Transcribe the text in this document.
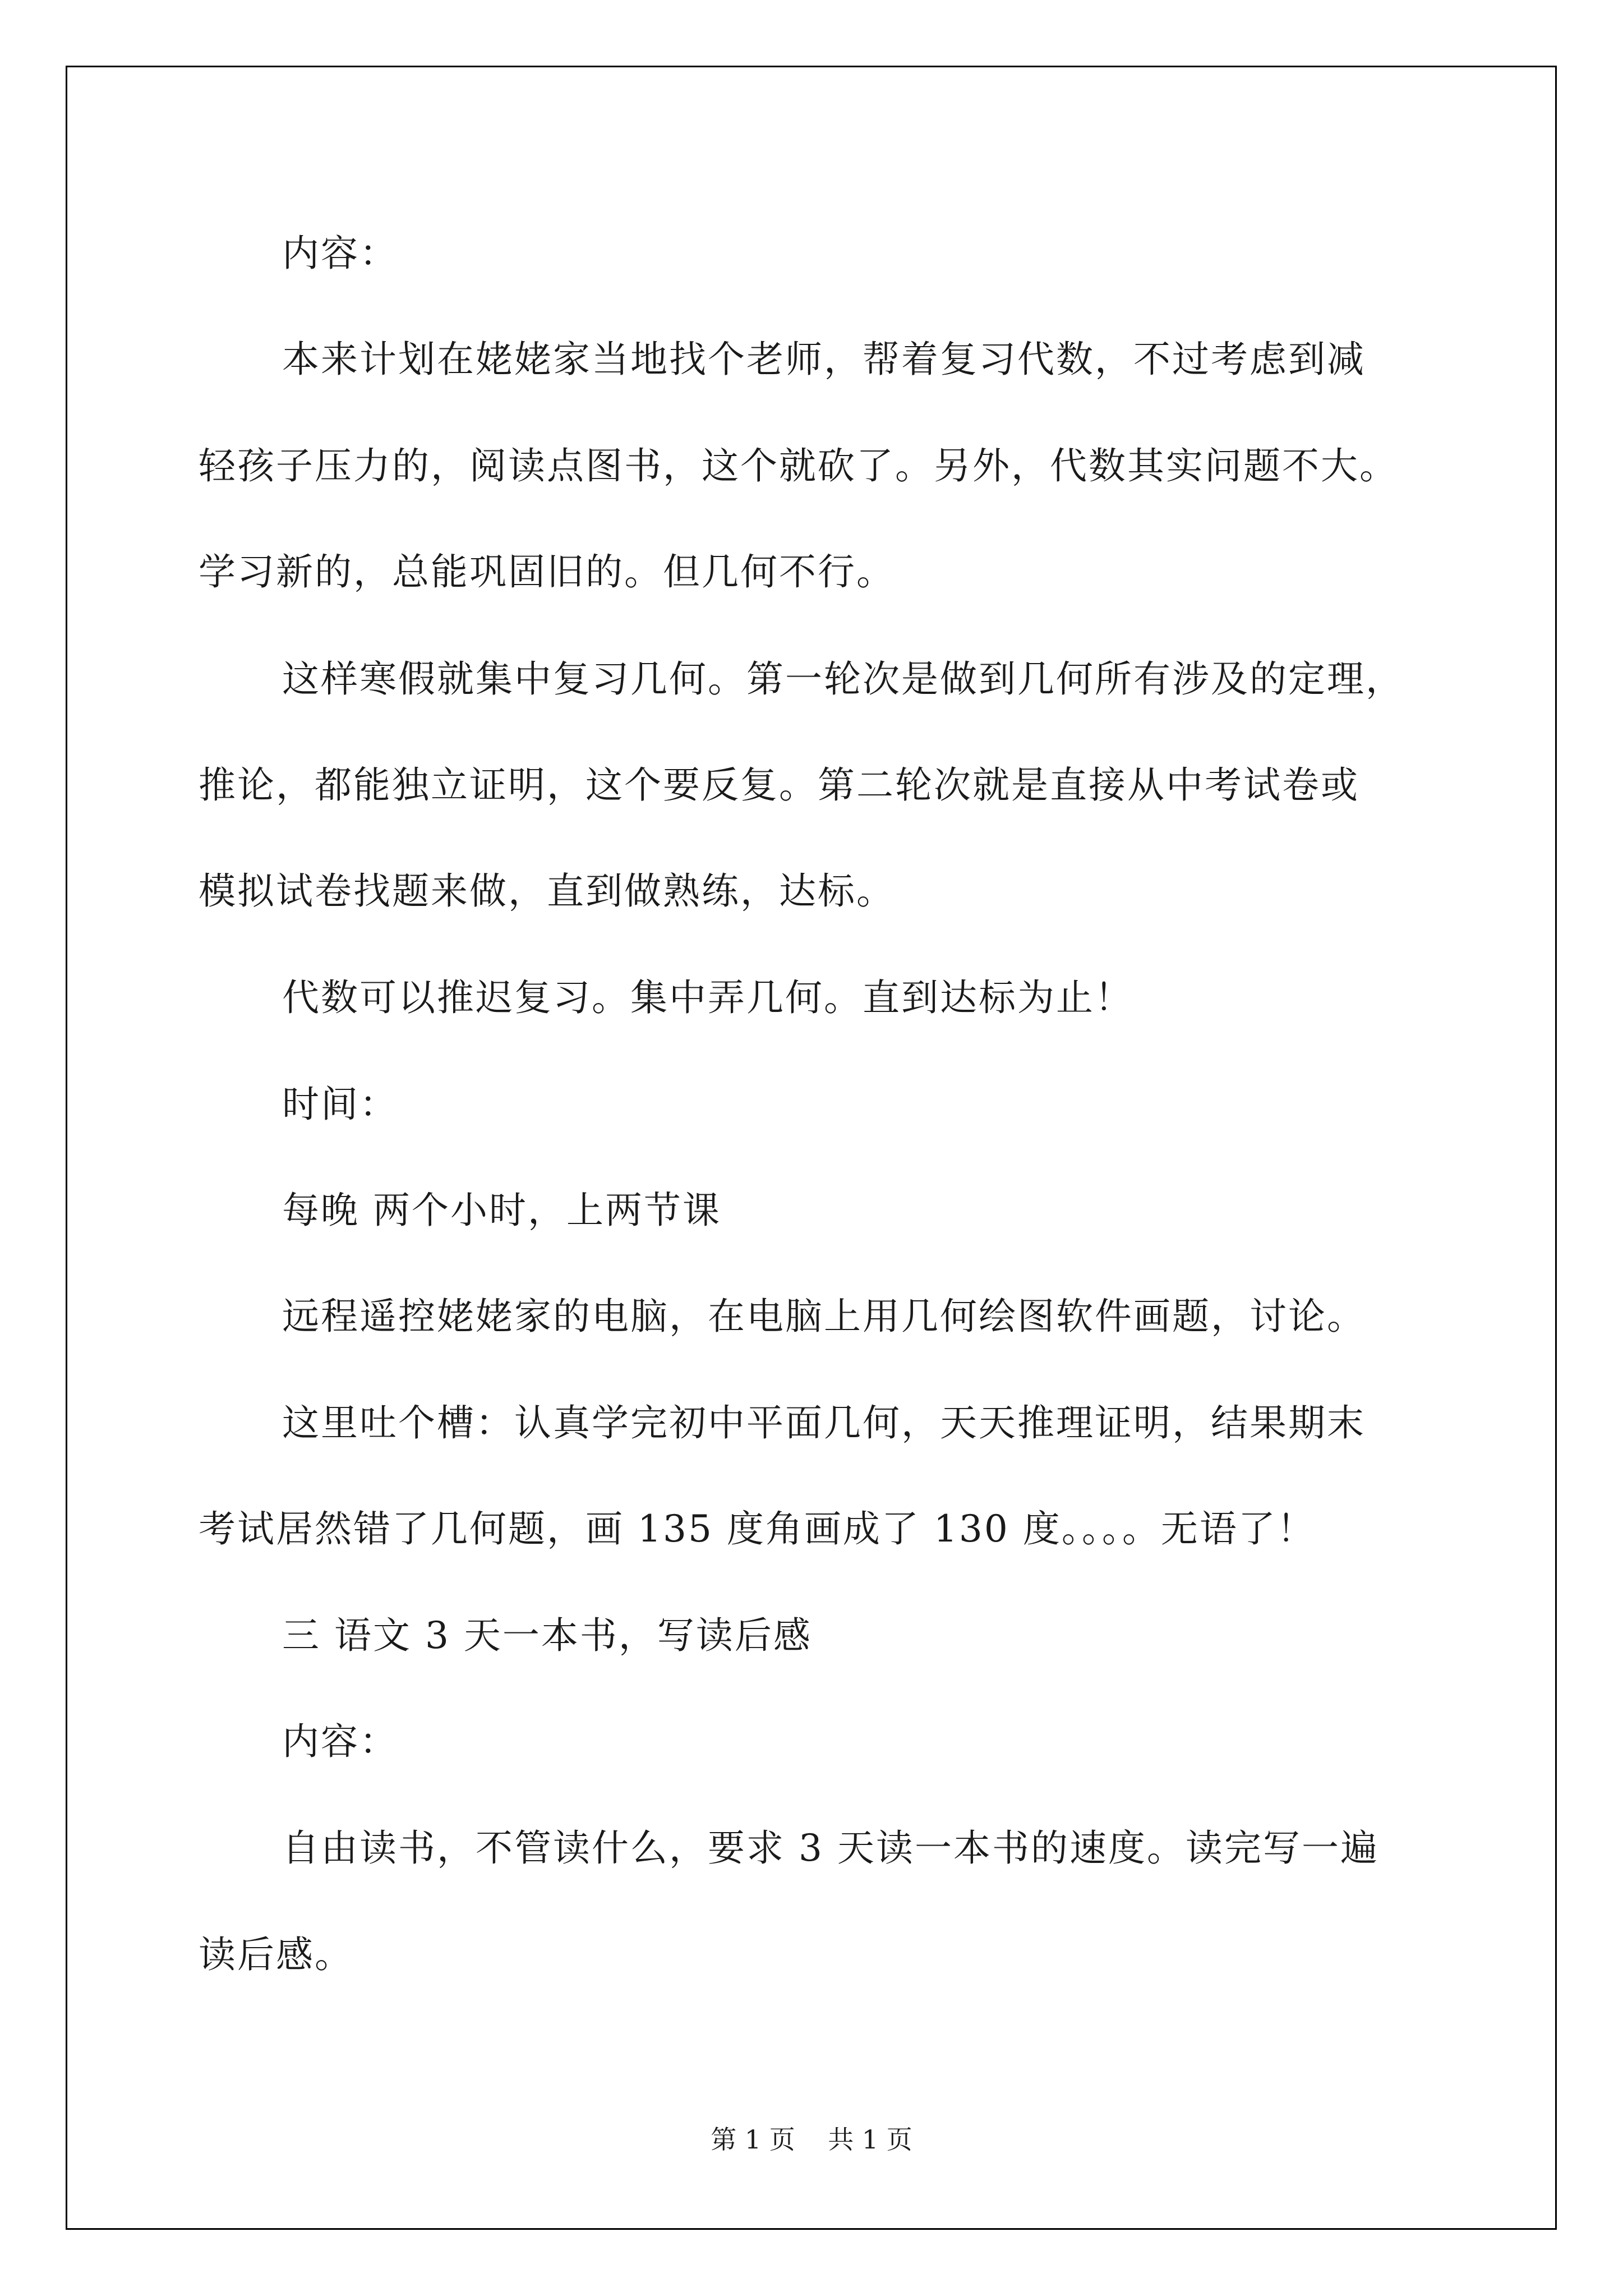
内容：
本来计划在姥姥家当地找个老师，帮着复习代数，不过考虑到减
轻孩子压力的，阅读点图书，这个就砍了。另外，代数其实问题不大。
学习新的，总能巩固旧的。但几何不行。
这样寒假就集中复习几何。第一轮次是做到几何所有涉及的定理，
推论，都能独立证明，这个要反复。第二轮次就是直接从中考试卷或
模拟试卷找题来做，直到做熟练，达标。
代数可以推迟复习。集中弄几何。直到达标为止！
时间：
每晚 两个小时，上两节课
远程遥控姥姥家的电脑，在电脑上用几何绘图软件画题，讨论。
这里吐个槽：认真学完初中平面几何，天天推理证明，结果期末
考试居然错了几何题，画 135 度角画成了 130 度。。。。无语了！
三 语文 3 天一本书，写读后感
内容：
自由读书，不管读什么，要求 3 天读一本书的速度。读完写一遍
读后感。
第 1 页    共 1 页
